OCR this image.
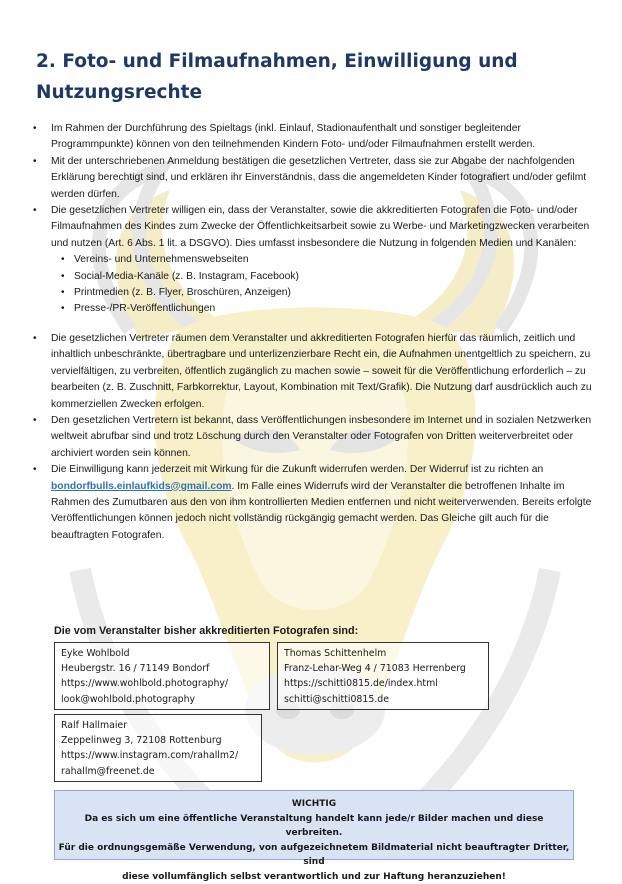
2. Foto- und Filmaufnahmen, Einwilligung und Nutzungsrechte
• Im Rahmen der Durchführung des Spieltags (inkl. Einlauf, Stadionaufenthalt und sonstiger begleitender Programmpunkte) können von den teilnehmenden Kindern Foto- und/oder Filmaufnahmen erstellt werden.
• Mit der unterschriebenen Anmeldung bestätigen die gesetzlichen Vertreter, dass sie zur Abgabe der nachfolgenden Erklärung berechtigt sind, und erklären ihr Einverständnis, dass die angemeldeten Kinder fotografiert und/oder gefilmt werden dürfen.
• Die gesetzlichen Vertreter willigen ein, dass der Veranstalter, sowie die akkreditierten Fotografen die Foto- und/oder Filmaufnahmen des Kindes zum Zwecke der Öffentlichkeitsarbeit sowie zu Werbe- und Marketingzwecken verarbeiten und nutzen (Art. 6 Abs. 1 lit. a DSGVO). Dies umfasst insbesondere die Nutzung in folgenden Medien und Kanälen:
• Vereins- und Unternehmenswebseiten
• Social-Media-Kanäle (z. B. Instagram, Facebook)
• Printmedien (z. B. Flyer, Broschüren, Anzeigen)
• Presse-/PR-Veröffentlichungen
• Die gesetzlichen Vertreter räumen dem Veranstalter und akkreditierten Fotografen hierfür das räumlich, zeitlich und inhaltlich unbeschränkte, übertragbare und unterlizenzierbare Recht ein, die Aufnahmen unentgeltlich zu speichern, zu vervielfältigen, zu verbreiten, öffentlich zugänglich zu machen sowie – soweit für die Veröffentlichung erforderlich – zu bearbeiten (z. B. Zuschnitt, Farbkorrektur, Layout, Kombination mit Text/Grafik). Die Nutzung darf ausdrücklich auch zu kommerziellen Zwecken erfolgen.
• Den gesetzlichen Vertretern ist bekannt, dass Veröffentlichungen insbesondere im Internet und in sozialen Netzwerken weltweit abrufbar sind und trotz Löschung durch den Veranstalter oder Fotografen von Dritten weiterverbreitet oder archiviert worden sein können.
• Die Einwilligung kann jederzeit mit Wirkung für die Zukunft widerrufen werden. Der Widerruf ist zu richten an bondorfbulls.einlaufkids@gmail.com. Im Falle eines Widerrufs wird der Veranstalter die betroffenen Inhalte im Rahmen des Zumutbaren aus den von ihm kontrollierten Medien entfernen und nicht weiterverwenden. Bereits erfolgte Veröffentlichungen können jedoch nicht vollständig rückgängig gemacht werden. Das Gleiche gilt auch für die beauftragten Fotografen.
Die vom Veranstalter bisher akkreditierten Fotografen sind:
Eyke Wohlbold
Heubergstr. 16 / 71149 Bondorf
https://www.wohlbold.photography/
look@wohlbold.photography
Thomas Schittenhelm
Franz-Lehar-Weg 4 / 71083 Herrenberg
https://schitti0815.de/index.html
schitti@schitti0815.de
Ralf Hallmaier
Zeppelinweg 3, 72108 Rottenburg
https://www.instagram.com/rahallm2/
rahallm@freenet.de
WICHTIG
Da es sich um eine öffentliche Veranstaltung handelt kann jede/r Bilder machen und diese verbreiten.
Für die ordnungsgemäße Verwendung, von aufgezeichnetem Bildmaterial nicht beauftragter Dritter, sind
diese vollumfänglich selbst verantwortlich und zur Haftung heranzuziehen!
